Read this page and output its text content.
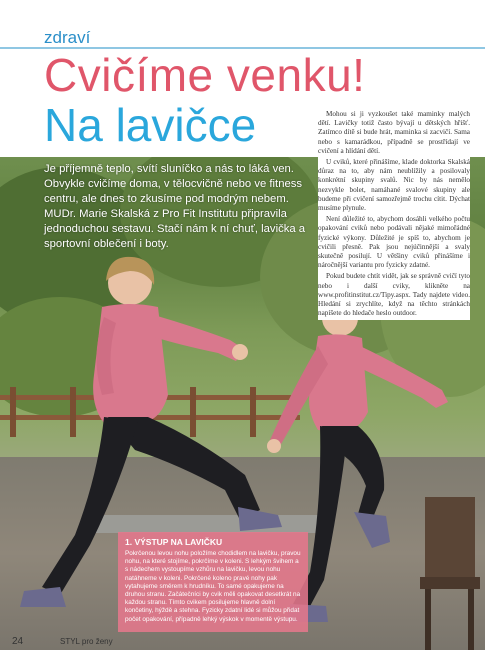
zdraví
Cvičíme venku!
Na lavičce
Je příjemně teplo, svítí sluníčko a nás to láká ven. Obvykle cvičíme doma, v tělocvičně nebo ve fitness centru, ale dnes to zkusíme pod modrým nebem. MUDr. Marie Skalská z Pro Fit Institutu připravila jednoduchou sestavu. Stačí nám k ní chuť, lavička a sportovní oblečení i boty.

Mohou si ji vyzkoušet také maminky malých dětí. Lavičky totiž často bývají u dětských hřišť. Zatímco dítě si bude hrát, maminka si zacvičí. Sama nebo s kamarádkou, případně se prostřídají ve cvičení a hlídání dětí.

U cviků, které přinášíme, klade doktorka Skalská důraz na to, aby nám neublížily a posilovaly konkrétní skupiny svalů. Nic by nás nemělo nezvykle bolet, namáhané svalové skupiny ale budeme při cvičení samozřejmě trochu cítit. Dýchat musíme plynule.

Není důležité to, abychom dosáhli velkého počtu opakování cviků nebo podávali nějaké mimořádné fyzické výkony. Důležité je spíš to, abychom je cvičili přesně. Pak jsou nejúčinnější a svaly skutečně posilují. U většiny cviků přinášíme i náročnější variantu pro fyzicky zdatné.

Pokud budete chtít vidět, jak se správně cvičí tyto nebo i další cviky, klikněte na www.profitinstitut.cz/Tipy.aspx. Tady najdete video. Hledání si zrychlíte, když na těchto stránkách napíšete do hledače heslo outdoor.

1. VÝSTUP NA LAVIČKU
Pokrčenou levou nohu položíme chodidlem na lavičku, pravou nohu, na které stojíme, pokrčíme v koleni. S lehkým švihem a s nádechem vystoupíme vzhůru na lavičku, levou nohu natáhneme v koleni. Pokrčené koleno pravé nohy pak vytahujeme směrem k hrudníku. To samé opakujeme na druhou stranu. Začátečníci by cvik měli opakovat desetkrát na každou stranu. Tímto cvikem posilujeme hlavně dolní končetiny, hýždě a stehna. Fyzicky zdatní lidé si můžou přidat počet opakování, případně lehký výskok v momentě výstupu.
24	STYL pro ženy
